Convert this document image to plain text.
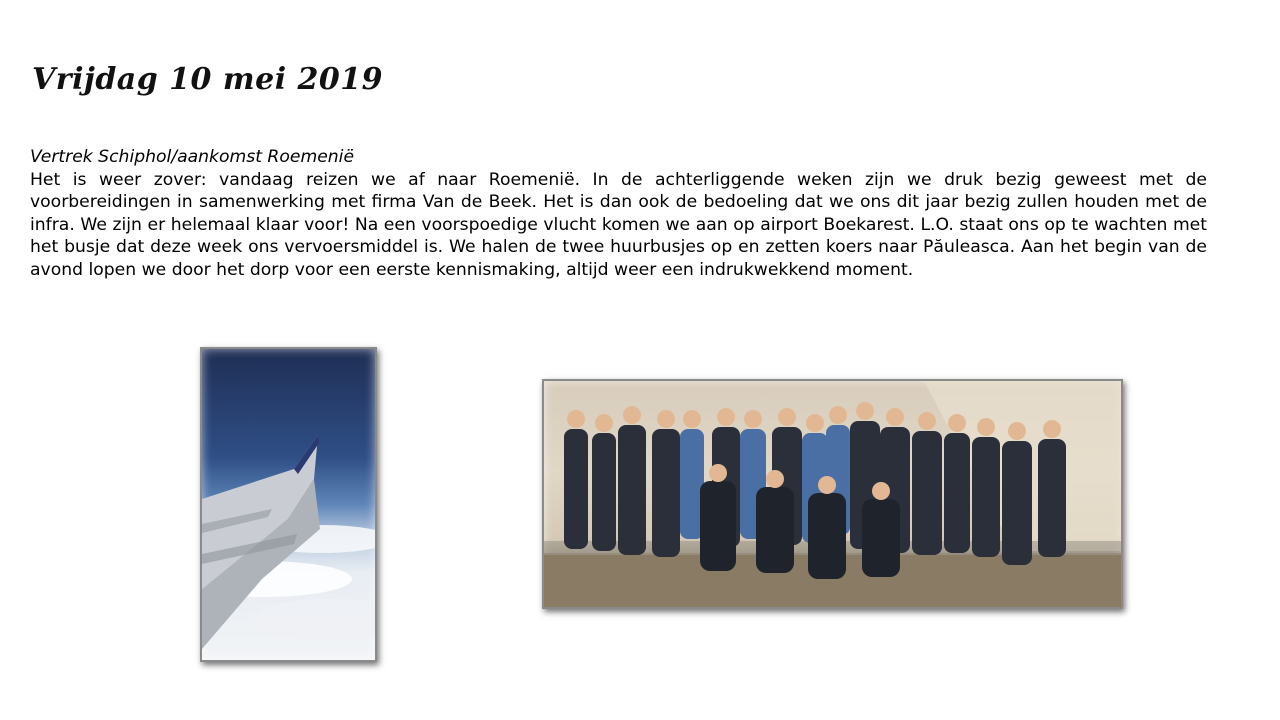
Vrijdag 10 mei 2019

Vertrek Schiphol/aankomst Roemenië

Het is weer zover: vandaag reizen we af naar Roemenië. In de achterliggende weken zijn we druk bezig geweest met de voorbereidingen in samenwerking met firma Van de Beek. Het is dan ook de bedoeling dat we ons dit jaar bezig zullen houden met de infra. We zijn er helemaal klaar voor! Na een voorspoedige vlucht komen we aan op airport Boekarest. L.O. staat ons op te wachten met het busje dat deze week ons vervoersmiddel is. We halen de twee huurbusjes op en zetten koers naar Păuleasca. Aan het begin van de avond lopen we door het dorp voor een eerste kennismaking, altijd weer een indrukwekkend moment.
